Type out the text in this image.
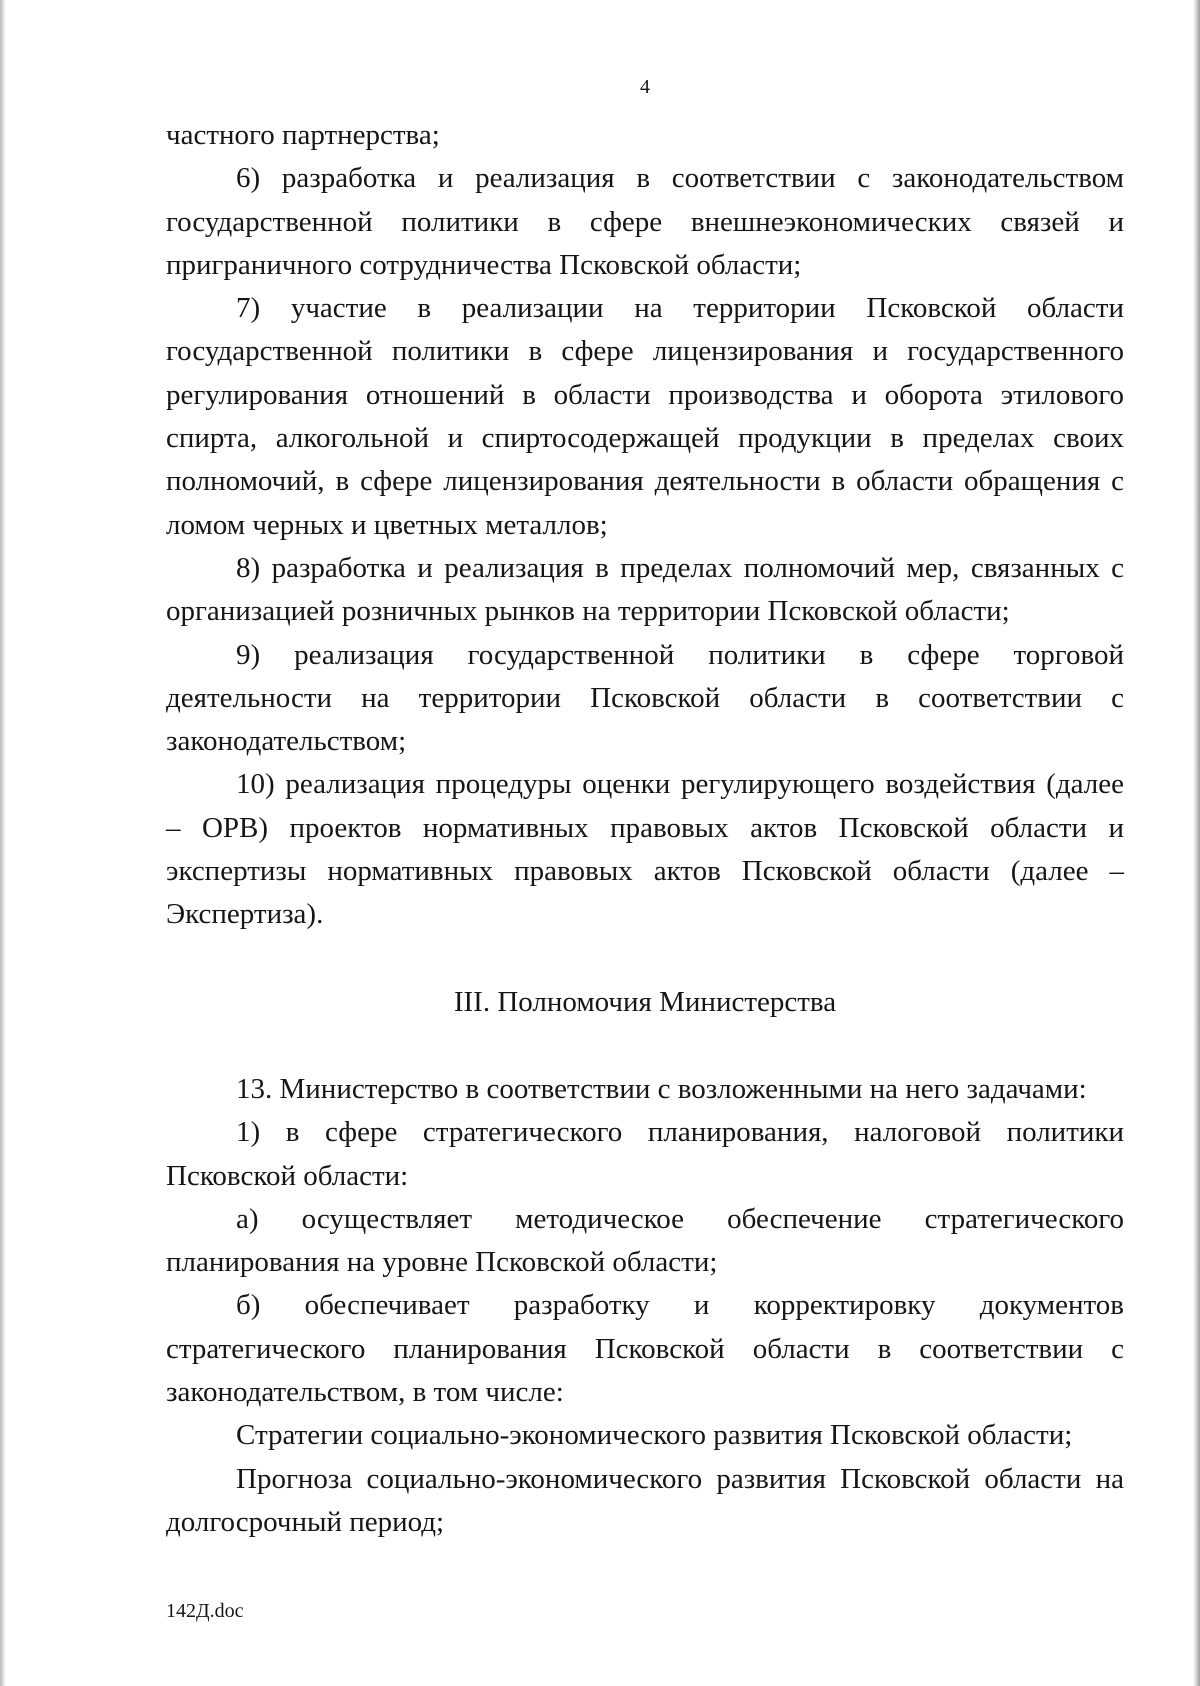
4

частного партнерства;

6) разработка и реализация в соответствии с законодательством государственной политики в сфере внешнеэкономических связей и приграничного сотрудничества Псковской области;

7) участие в реализации на территории Псковской области государственной политики в сфере лицензирования и государственного регулирования отношений в области производства и оборота этилового спирта, алкогольной и спиртосодержащей продукции в пределах своих полномочий, в сфере лицензирования деятельности в области обращения с ломом черных и цветных металлов;

8) разработка и реализация в пределах полномочий мер, связанных с организацией розничных рынков на территории Псковской области;

9) реализация государственной политики в сфере торговой деятельности на территории Псковской области в соответствии с законодательством;

10) реализация процедуры оценки регулирующего воздействия (далее – ОРВ) проектов нормативных правовых актов Псковской области и экспертизы нормативных правовых актов Псковской области (далее – Экспертиза).

III. Полномочия Министерства

13. Министерство в соответствии с возложенными на него задачами:

1) в сфере стратегического планирования, налоговой политики Псковской области:

а) осуществляет методическое обеспечение стратегического планирования на уровне Псковской области;

б) обеспечивает разработку и корректировку документов стратегического планирования Псковской области в соответствии с законодательством, в том числе:

Стратегии социально-экономического развития Псковской области;

Прогноза социально-экономического развития Псковской области на долгосрочный период;

142Д.doc
